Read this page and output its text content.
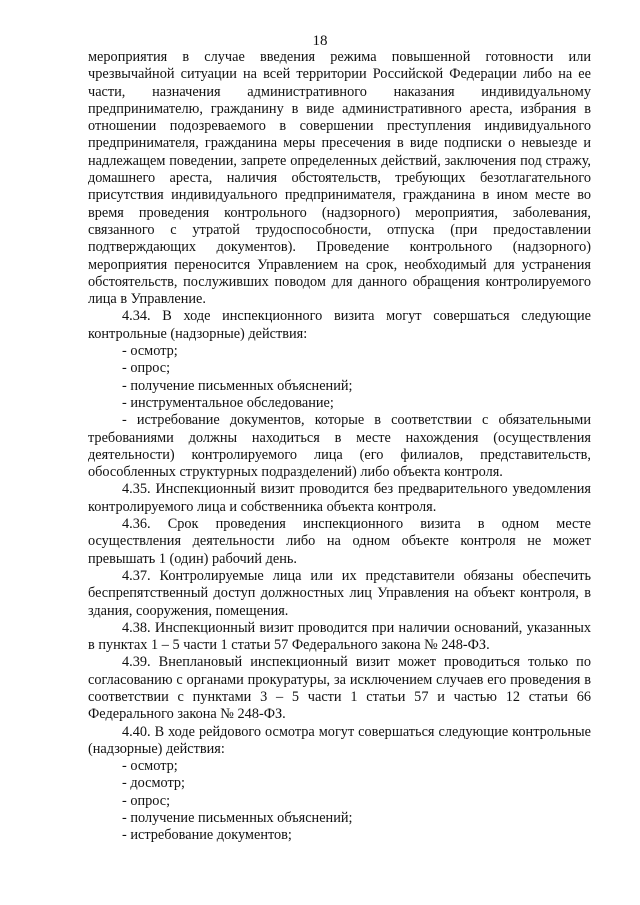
18

мероприятия в случае введения режима повышенной готовности или чрезвычайной ситуации на всей территории Российской Федерации либо на ее части, назначения административного наказания индивидуальному предпринимателю, гражданину в виде административного ареста, избрания в отношении подозреваемого в совершении преступления индивидуального предпринимателя, гражданина меры пресечения в виде подписки о невыезде и надлежащем поведении, запрете определенных действий, заключения под стражу, домашнего ареста, наличия обстоятельств, требующих безотлагательного присутствия индивидуального предпринимателя, гражданина в ином месте во время проведения контрольного (надзорного) мероприятия, заболевания, связанного с утратой трудоспособности, отпуска (при предоставлении подтверждающих документов). Проведение контрольного (надзорного) мероприятия переносится Управлением на срок, необходимый для устранения обстоятельств, послуживших поводом для данного обращения контролируемого лица в Управление.

4.34. В ходе инспекционного визита могут совершаться следующие контрольные (надзорные) действия:

- осмотр;

- опрос;

- получение письменных объяснений;

- инструментальное обследование;

- истребование документов, которые в соответствии с обязательными требованиями должны находиться в месте нахождения (осуществления деятельности) контролируемого лица (его филиалов, представительств, обособленных структурных подразделений) либо объекта контроля.

4.35. Инспекционный визит проводится без предварительного уведомления контролируемого лица и собственника объекта контроля.

4.36. Срок проведения инспекционного визита в одном месте осуществления деятельности либо на одном объекте контроля не может превышать 1 (один) рабочий день.

4.37. Контролируемые лица или их представители обязаны обеспечить беспрепятственный доступ должностных лиц Управления на объект контроля, в здания, сооружения, помещения.

4.38. Инспекционный визит проводится при наличии оснований, указанных в пунктах 1 – 5 части 1 статьи 57 Федерального закона № 248-ФЗ.

4.39. Внеплановый инспекционный визит может проводиться только по согласованию с органами прокуратуры, за исключением случаев его проведения в соответствии с пунктами 3 – 5 части 1 статьи 57 и частью 12 статьи 66 Федерального закона № 248-ФЗ.

4.40. В ходе рейдового осмотра могут совершаться следующие контрольные (надзорные) действия:

- осмотр;

- досмотр;

- опрос;

- получение письменных объяснений;

- истребование документов;
